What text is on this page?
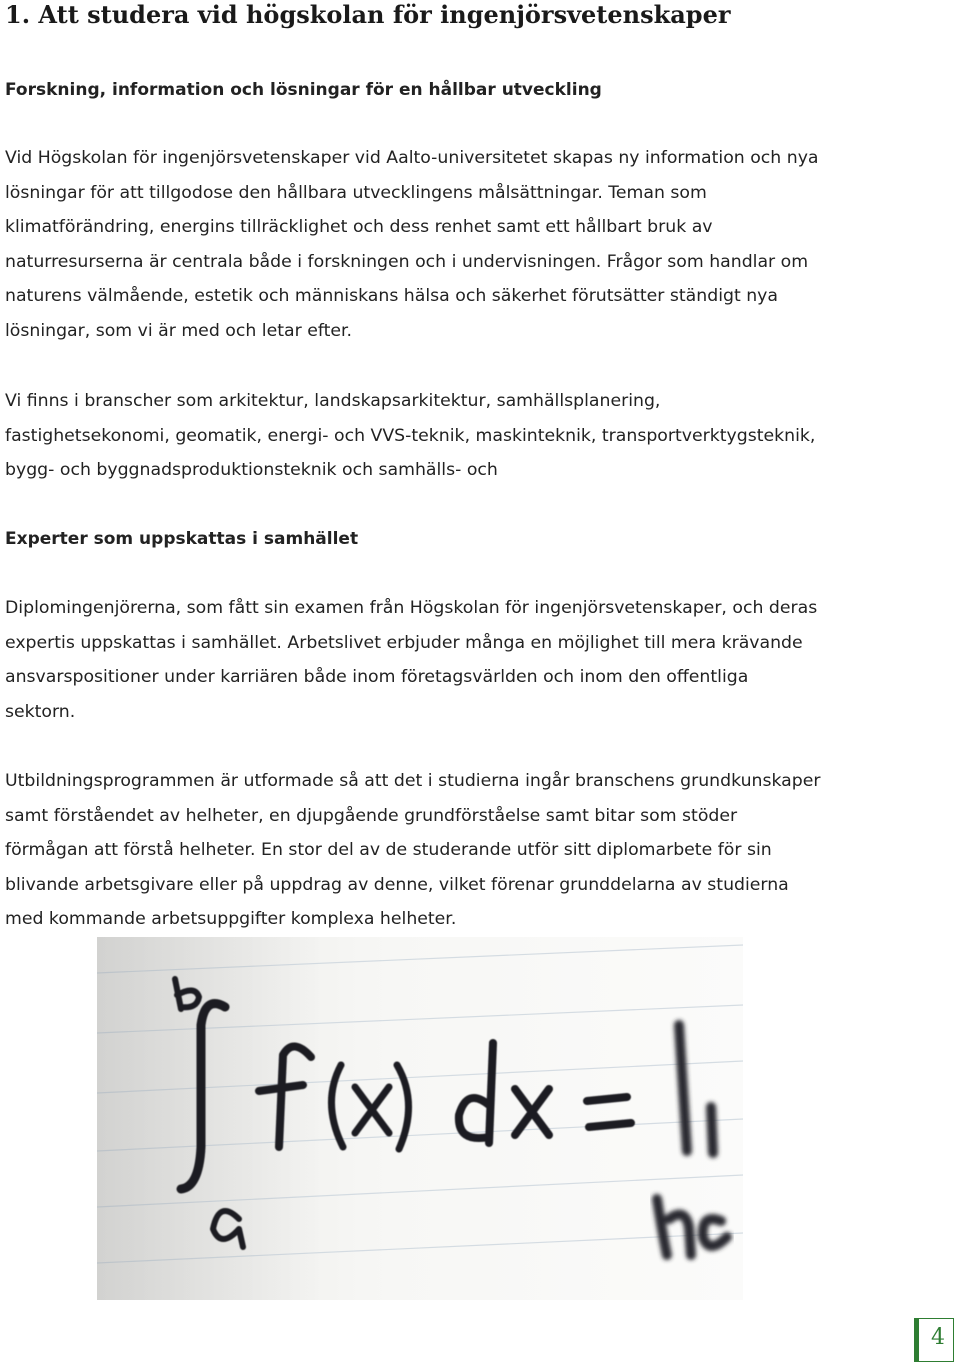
1. Att studera vid högskolan för ingenjörsvetenskaper
Forskning, information och lösningar för en hållbar utveckling
Vid Högskolan för ingenjörsvetenskaper vid Aalto-universitetet skapas ny information och nya
lösningar för att tillgodose den hållbara utvecklingens målsättningar. Teman som
klimatförändring, energins tillräcklighet och dess renhet samt ett hållbart bruk av
naturresurserna är centrala både i forskningen och i undervisningen. Frågor som handlar om
naturens välmående, estetik och människans hälsa och säkerhet förutsätter ständigt nya
lösningar, som vi är med och letar efter.
Vi finns i branscher som arkitektur, landskapsarkitektur, samhällsplanering,
fastighetsekonomi, geomatik, energi- och VVS-teknik, maskinteknik, transportverktygsteknik,
bygg- och byggnadsproduktionsteknik och samhälls- och
Experter som uppskattas i samhället
Diplomingenjörerna, som fått sin examen från Högskolan för ingenjörsvetenskaper, och deras
expertis uppskattas i samhället. Arbetslivet erbjuder många en möjlighet till mera krävande
ansvarspositioner under karriären både inom företagsvärlden och inom den offentliga
sektorn.
Utbildningsprogrammen är utformade så att det i studierna ingår branschens grundkunskaper
samt förståendet av helheter, en djupgående grundförståelse samt bitar som stöder
förmågan att förstå helheter. En stor del av de studerande utför sitt diplomarbete för sin
blivande arbetsgivare eller på uppdrag av denne, vilket förenar grunddelarna av studierna
med kommande arbetsuppgifter komplexa helheter.
4
